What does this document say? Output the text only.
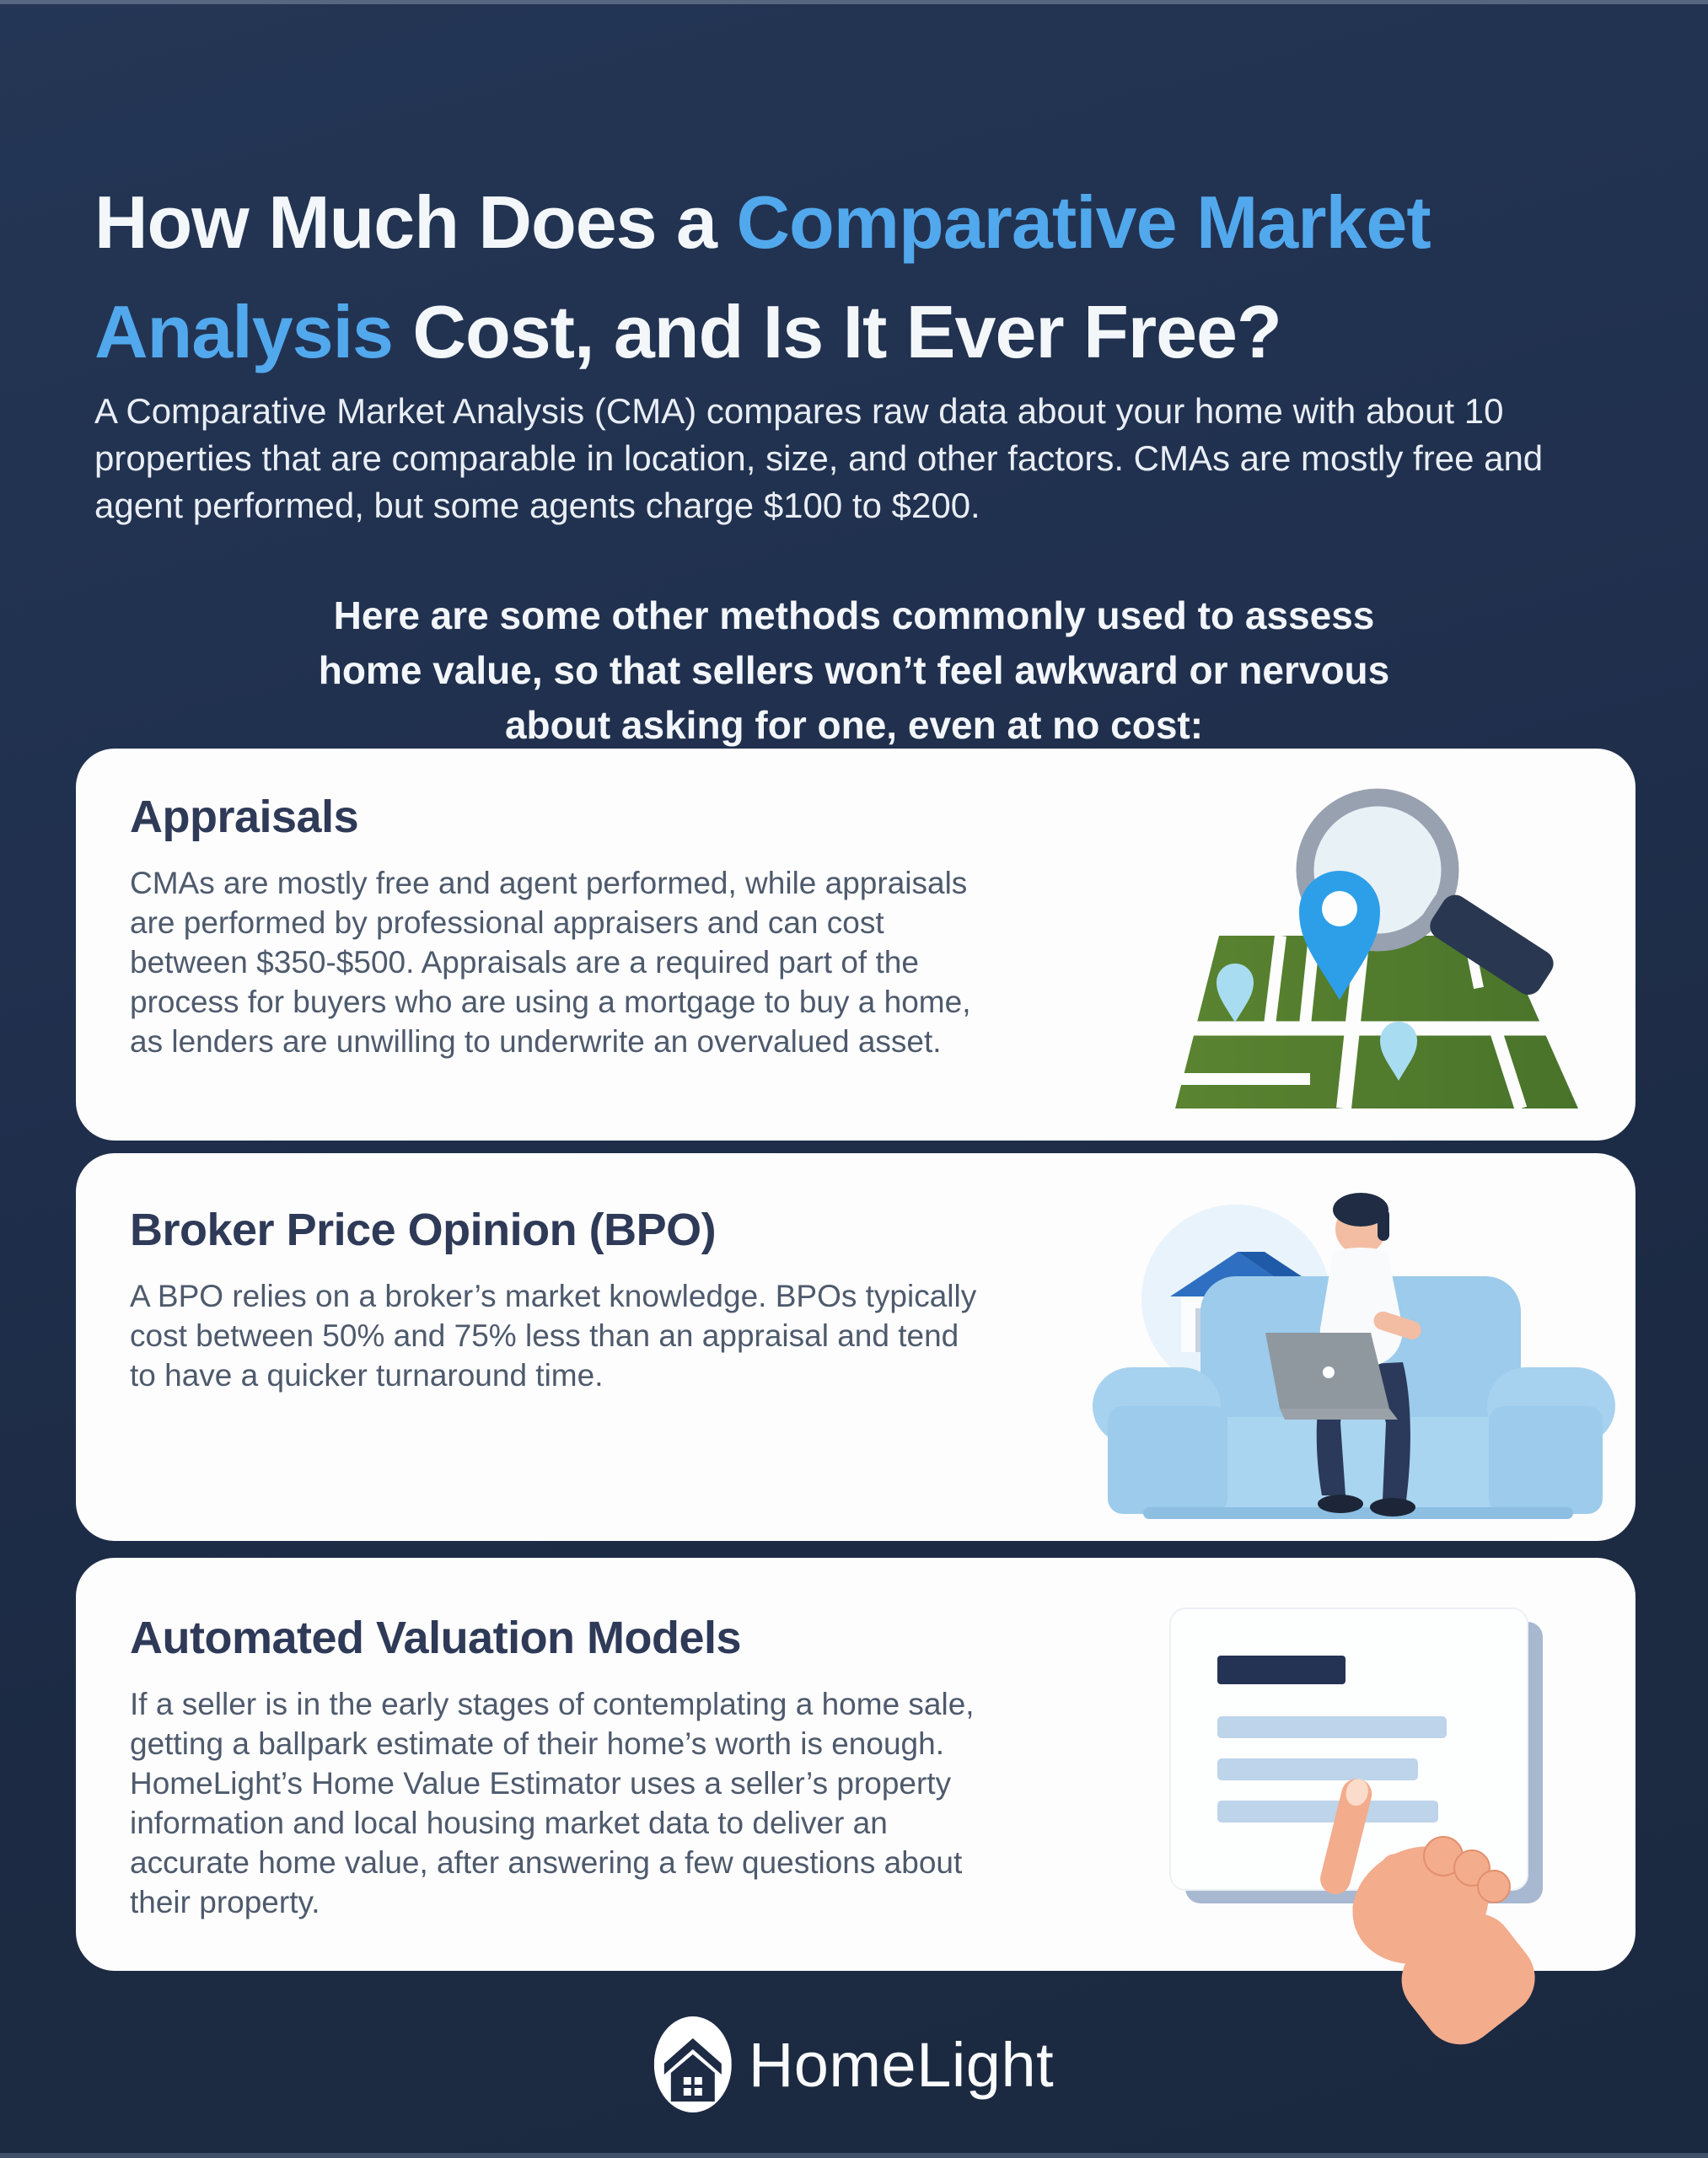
How Much Does a Comparative Market
Analysis Cost, and Is It Ever Free?

A Comparative Market Analysis (CMA) compares raw data about your home with about 10 properties that are comparable in location, size, and other factors. CMAs are mostly free and agent performed, but some agents charge $100 to $200.

Here are some other methods commonly used to assess home value, so that sellers won’t feel awkward or nervous about asking for one, even at no cost:

Appraisals

CMAs are mostly free and agent performed, while appraisals are performed by professional appraisers and can cost between $350-$500. Appraisals are a required part of the process for buyers who are using a mortgage to buy a home, as lenders are unwilling to underwrite an overvalued asset.

Broker Price Opinion (BPO)

A BPO relies on a broker’s market knowledge. BPOs typically cost between 50% and 75% less than an appraisal and tend to have a quicker turnaround time.

Automated Valuation Models

If a seller is in the early stages of contemplating a home sale, getting a ballpark estimate of their home’s worth is enough. HomeLight’s Home Value Estimator uses a seller’s property information and local housing market data to deliver an accurate home value, after answering a few questions about their property.

HomeLight
